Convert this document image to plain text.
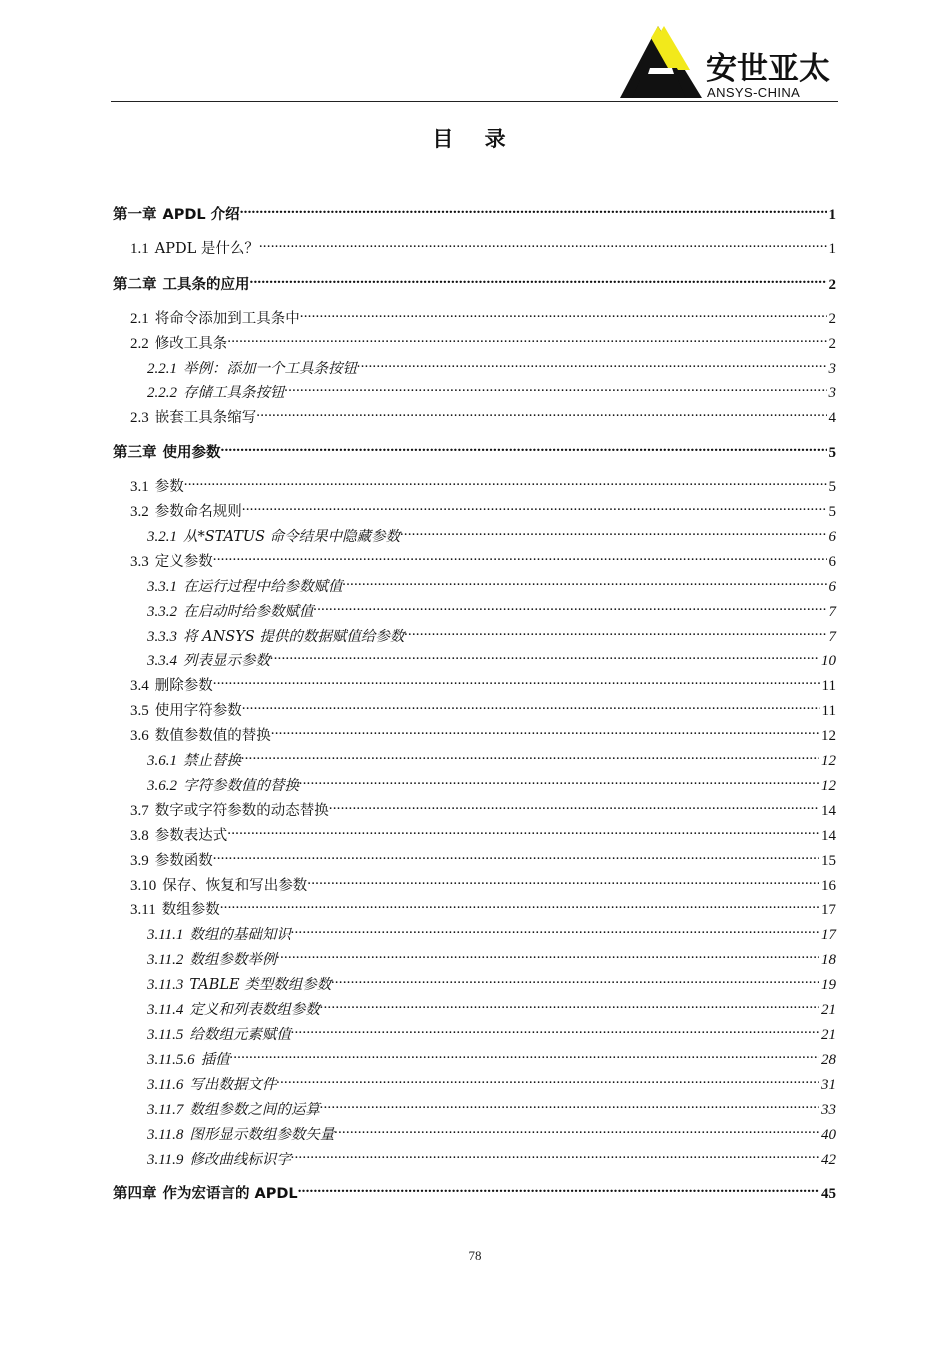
安世亚太
ANSYS-CHINA
目 录
第一章 APDL 介绍 .....	1
1.1 APDL 是什么？ .....	1
第二章 工具条的应用 .....	2
2.1 将命令添加到工具条中 .....	2
2.2 修改工具条 .....	2
2.2.1 举例：添加一个工具条按钮 .....	3
2.2.2 存储工具条按钮 .....	3
2.3 嵌套工具条缩写 .....	4
第三章 使用参数 .....	5
3.1 参数 .....	5
3.2 参数命名规则 .....	5
3.2.1 从*STATUS 命令结果中隐藏参数 .....	6
3.3 定义参数 .....	6
3.3.1 在运行过程中给参数赋值 .....	6
3.3.2 在启动时给参数赋值 .....	7
3.3.3 将 ANSYS 提供的数据赋值给参数 .....	7
3.3.4 列表显示参数 .....	10
3.4 删除参数 .....	11
3.5 使用字符参数 .....	11
3.6 数值参数值的替换 .....	12
3.6.1 禁止替换 .....	12
3.6.2 字符参数值的替换 .....	12
3.7 数字或字符参数的动态替换 .....	14
3.8 参数表达式 .....	14
3.9 参数函数 .....	15
3.10 保存、恢复和写出参数 .....	16
3.11 数组参数 .....	17
3.11.1 数组的基础知识 .....	17
3.11.2 数组参数举例 .....	18
3.11.3 TABLE 类型数组参数 .....	19
3.11.4 定义和列表数组参数 .....	21
3.11.5 给数组元素赋值 .....	21
3.11.5.6 插值 .....	28
3.11.6 写出数据文件 .....	31
3.11.7 数组参数之间的运算 .....	33
3.11.8 图形显示数组参数矢量 .....	40
3.11.9 修改曲线标识字 .....	42
第四章 作为宏语言的 APDL .....	45
78
